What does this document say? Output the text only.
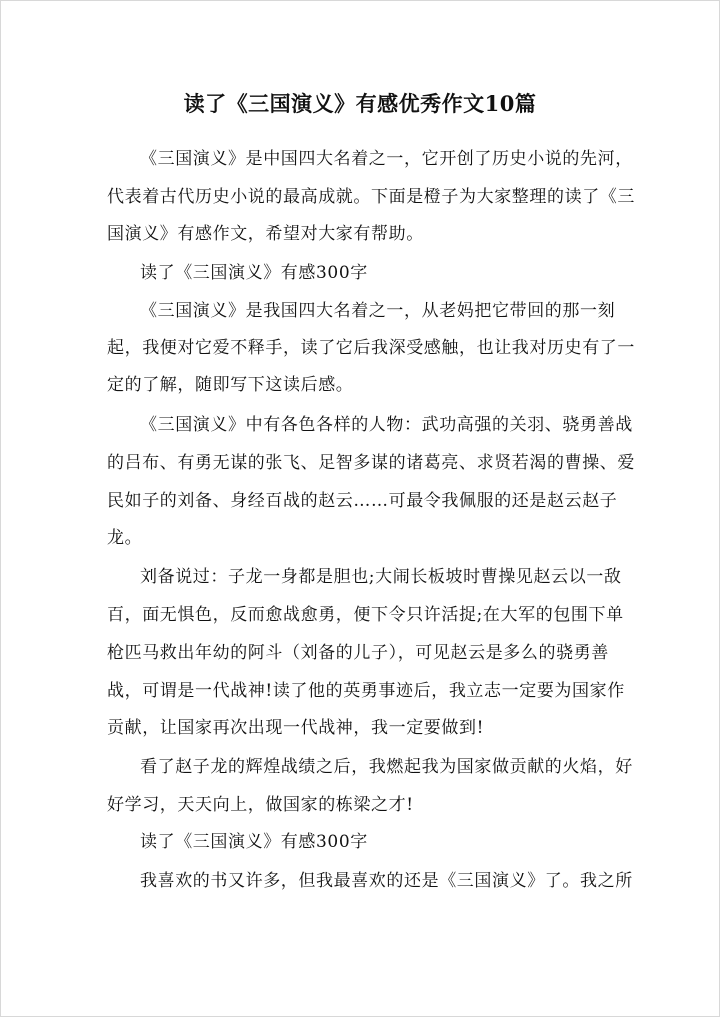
读了《三国演义》有感优秀作文10篇
《三国演义》是中国四大名着之一，它开创了历史小说的先河，
代表着古代历史小说的最高成就。下面是橙子为大家整理的读了《三
国演义》有感作文，希望对大家有帮助。
读了《三国演义》有感300字
《三国演义》是我国四大名着之一，从老妈把它带回的那一刻
起，我便对它爱不释手，读了它后我深受感触，也让我对历史有了一
定的了解，随即写下这读后感。
《三国演义》中有各色各样的人物：武功高强的关羽、骁勇善战
的吕布、有勇无谋的张飞、足智多谋的诸葛亮、求贤若渴的曹操、爱
民如子的刘备、身经百战的赵云……可最令我佩服的还是赵云赵子
龙。
刘备说过：子龙一身都是胆也;大闹长板坡时曹操见赵云以一敌
百，面无惧色，反而愈战愈勇，便下令只许活捉;在大军的包围下单
枪匹马救出年幼的阿斗（刘备的儿子），可见赵云是多么的骁勇善
战，可谓是一代战神!读了他的英勇事迹后，我立志一定要为国家作
贡献，让国家再次出现一代战神，我一定要做到!
看了赵子龙的辉煌战绩之后，我燃起我为国家做贡献的火焰，好
好学习，天天向上，做国家的栋梁之才!
读了《三国演义》有感300字
我喜欢的书又许多，但我最喜欢的还是《三国演义》了。我之所
